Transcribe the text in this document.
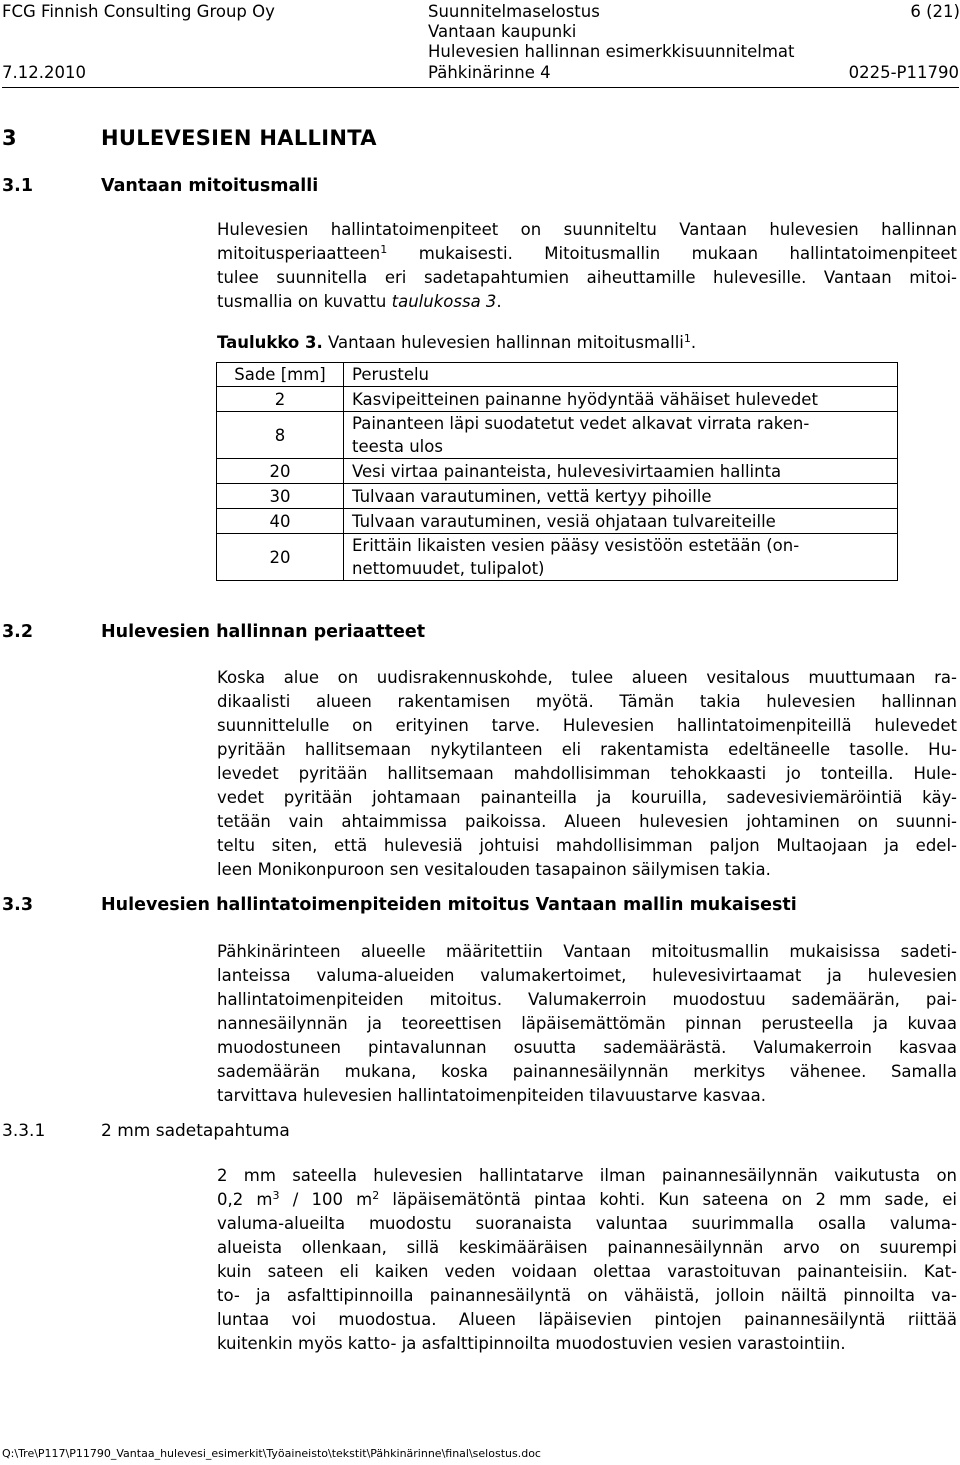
FCG Finnish Consulting Group Oy	Suunnitelmaselostus
Vantaan kaupunki
Hulevesien hallinnan esimerkkisuunnitelmat
6 (21)
7.12.2010	Pähkinärinne 4	0225-P11790
3	HULEVESIEN HALLINTA
3.1	Vantaan mitoitusmalli
Hulevesien hallintatoimenpiteet on suunniteltu Vantaan hulevesien hallinnan
mitoitusperiaatteen$^1$ mukaisesti. Mitoitusmallin mukaan hallintatoimenpiteet
tulee suunnitella eri sadetapahtumien aiheuttamille hulevesille. Vantaan mitoi-
tusmallia on kuvattu taulukossa 3.
Taulukko 3. Vantaan hulevesien hallinnan mitoitusmalli$^1$.
Sade [mm]	Perustelu
2	Kasvipeitteinen painanne hyödyntää vähäiset hulevedet
8	Painanteen läpi suodatetut vedet alkavat virrata raken-
teesta ulos
20	Vesi virtaa painanteista, hulevesivirtaamien hallinta
30	Tulvaan varautuminen, vettä kertyy pihoille
40	Tulvaan varautuminen, vesiä ohjataan tulvareiteille
20	Erittäin likaisten vesien pääsy vesistöön estetään (on-
nettomuudet, tulipalot)
3.2	Hulevesien hallinnan periaatteet
Koska alue on uudisrakennuskohde, tulee alueen vesitalous muuttumaan ra-
dikaalisti alueen rakentamisen myötä. Tämän takia hulevesien hallinnan
suunnittelulle on erityinen tarve. Hulevesien hallintatoimenpiteillä hulevedet
pyritään hallitsemaan nykytilanteen eli rakentamista edeltäneelle tasolle. Hu-
levedet pyritään hallitsemaan mahdollisimman tehokkaasti jo tonteilla. Hule-
vedet pyritään johtamaan painanteilla ja kouruilla, sadevesiviemäröintiä käy-
tetään vain ahtaimmissa paikoissa. Alueen hulevesien johtaminen on suunni-
teltu siten, että hulevesiä johtuisi mahdollisimman paljon Multaojaan ja edel-
leen Monikonpuroon sen vesitalouden tasapainon säilymisen takia.
3.3	Hulevesien hallintatoimenpiteiden mitoitus Vantaan mallin mukaisesti
Pähkinärinteen alueelle määritettiin Vantaan mitoitusmallin mukaisissa sadeti-
lanteissa valuma-alueiden valumakertoimet, hulevesivirtaamat ja hulevesien
hallintatoimenpiteiden mitoitus. Valumakerroin muodostuu sademäärän, pai-
nannesäilynnän ja teoreettisen läpäisemättömän pinnan perusteella ja kuvaa
muodostuneen pintavalunnan osuutta sademäärästä. Valumakerroin kasvaa
sademäärän mukana, koska painannesäilynnän merkitys vähenee. Samalla
tarvittava hulevesien hallintatoimenpiteiden tilavuustarve kasvaa.
3.3.1	2 mm sadetapahtuma
2 mm sateella hulevesien hallintatarve ilman painannesäilynnän vaikutusta on
0,2 $m^3 / 100$ $m^2$ läpäisemätöntä pintaa kohti. Kun sateena on 2 mm sade, ei
valuma-alueilta muodostu suoranaista valuntaa suurimmalla osalla valuma-
alueista ollenkaan, sillä keskimääräisen painannesäilynnän arvo on suurempi
kuin sateen eli kaiken veden voidaan olettaa varastoituvan painanteisiin. Kat-
to- ja asfalttipinnoilla painannesäilyntä on vähäistä, jolloin näiltä pinnoilta va-
luntaa voi muodostua. Alueen läpäisevien pintojen painannesäilyntä riittää
kuitenkin myös katto- ja asfalttipinnoilta muodostuvien vesien varastointiin.
Q:\Tre\P117\P11790_Vantaa_hulevesi_esimerkit\Työaineisto\tekstit\Pähkinärinne\final\selostus.doc
